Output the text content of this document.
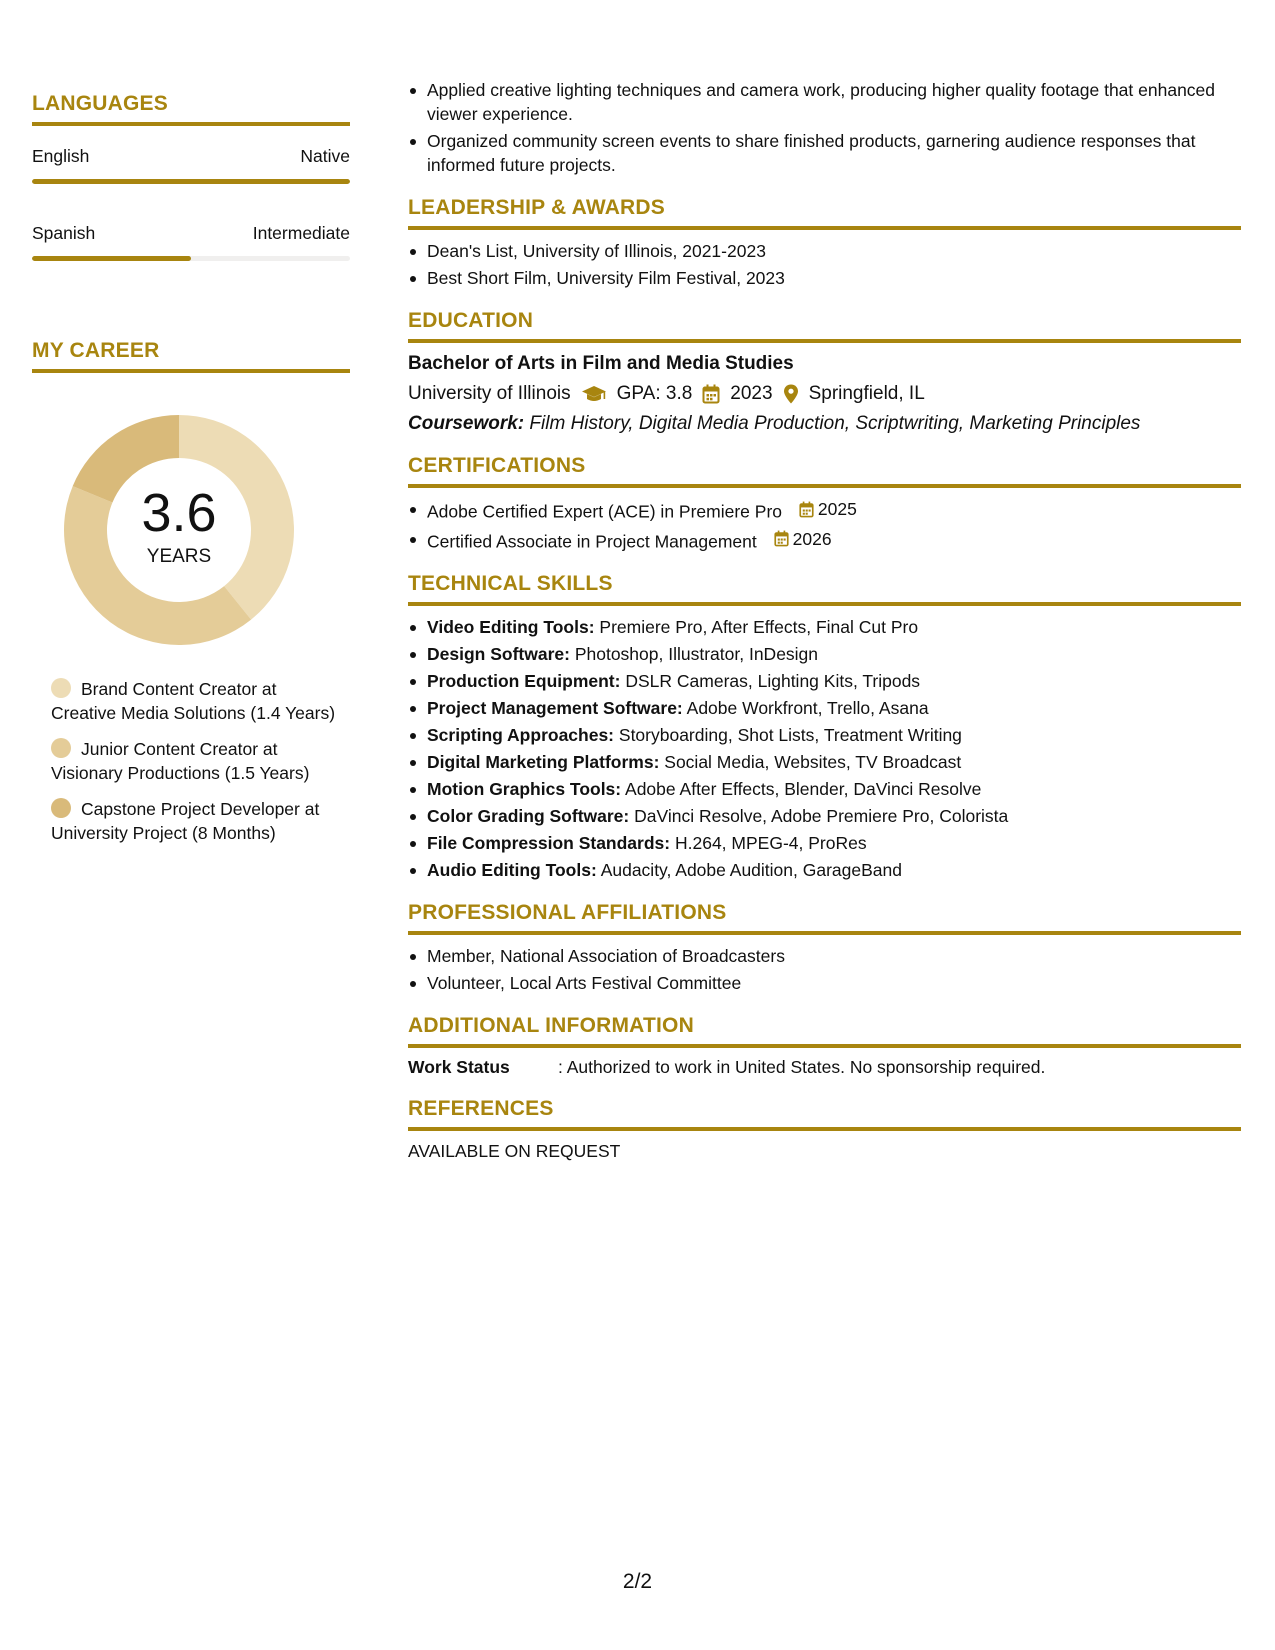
LANGUAGES
English	Native
Spanish	Intermediate
MY CAREER
3.6
YEARS
Brand Content Creator at Creative Media Solutions (1.4 Years)
Junior Content Creator at Visionary Productions (1.5 Years)
Capstone Project Developer at University Project (8 Months)
Applied creative lighting techniques and camera work, producing higher quality footage that enhanced viewer experience.
Organized community screen events to share finished products, garnering audience responses that informed future projects.
LEADERSHIP & AWARDS
Dean's List, University of Illinois, 2021-2023
Best Short Film, University Film Festival, 2023
EDUCATION
Bachelor of Arts in Film and Media Studies
University of Illinois GPA: 3.8 2023 Springfield, IL
Coursework: Film History, Digital Media Production, Scriptwriting, Marketing Principles
CERTIFICATIONS
Adobe Certified Expert (ACE) in Premiere Pro 2025
Certified Associate in Project Management 2026
TECHNICAL SKILLS
Video Editing Tools: Premiere Pro, After Effects, Final Cut Pro
Design Software: Photoshop, Illustrator, InDesign
Production Equipment: DSLR Cameras, Lighting Kits, Tripods
Project Management Software: Adobe Workfront, Trello, Asana
Scripting Approaches: Storyboarding, Shot Lists, Treatment Writing
Digital Marketing Platforms: Social Media, Websites, TV Broadcast
Motion Graphics Tools: Adobe After Effects, Blender, DaVinci Resolve
Color Grading Software: DaVinci Resolve, Adobe Premiere Pro, Colorista
File Compression Standards: H.264, MPEG-4, ProRes
Audio Editing Tools: Audacity, Adobe Audition, GarageBand
PROFESSIONAL AFFILIATIONS
Member, National Association of Broadcasters
Volunteer, Local Arts Festival Committee
ADDITIONAL INFORMATION
Work Status	: Authorized to work in United States. No sponsorship required.
REFERENCES
AVAILABLE ON REQUEST
2/2
